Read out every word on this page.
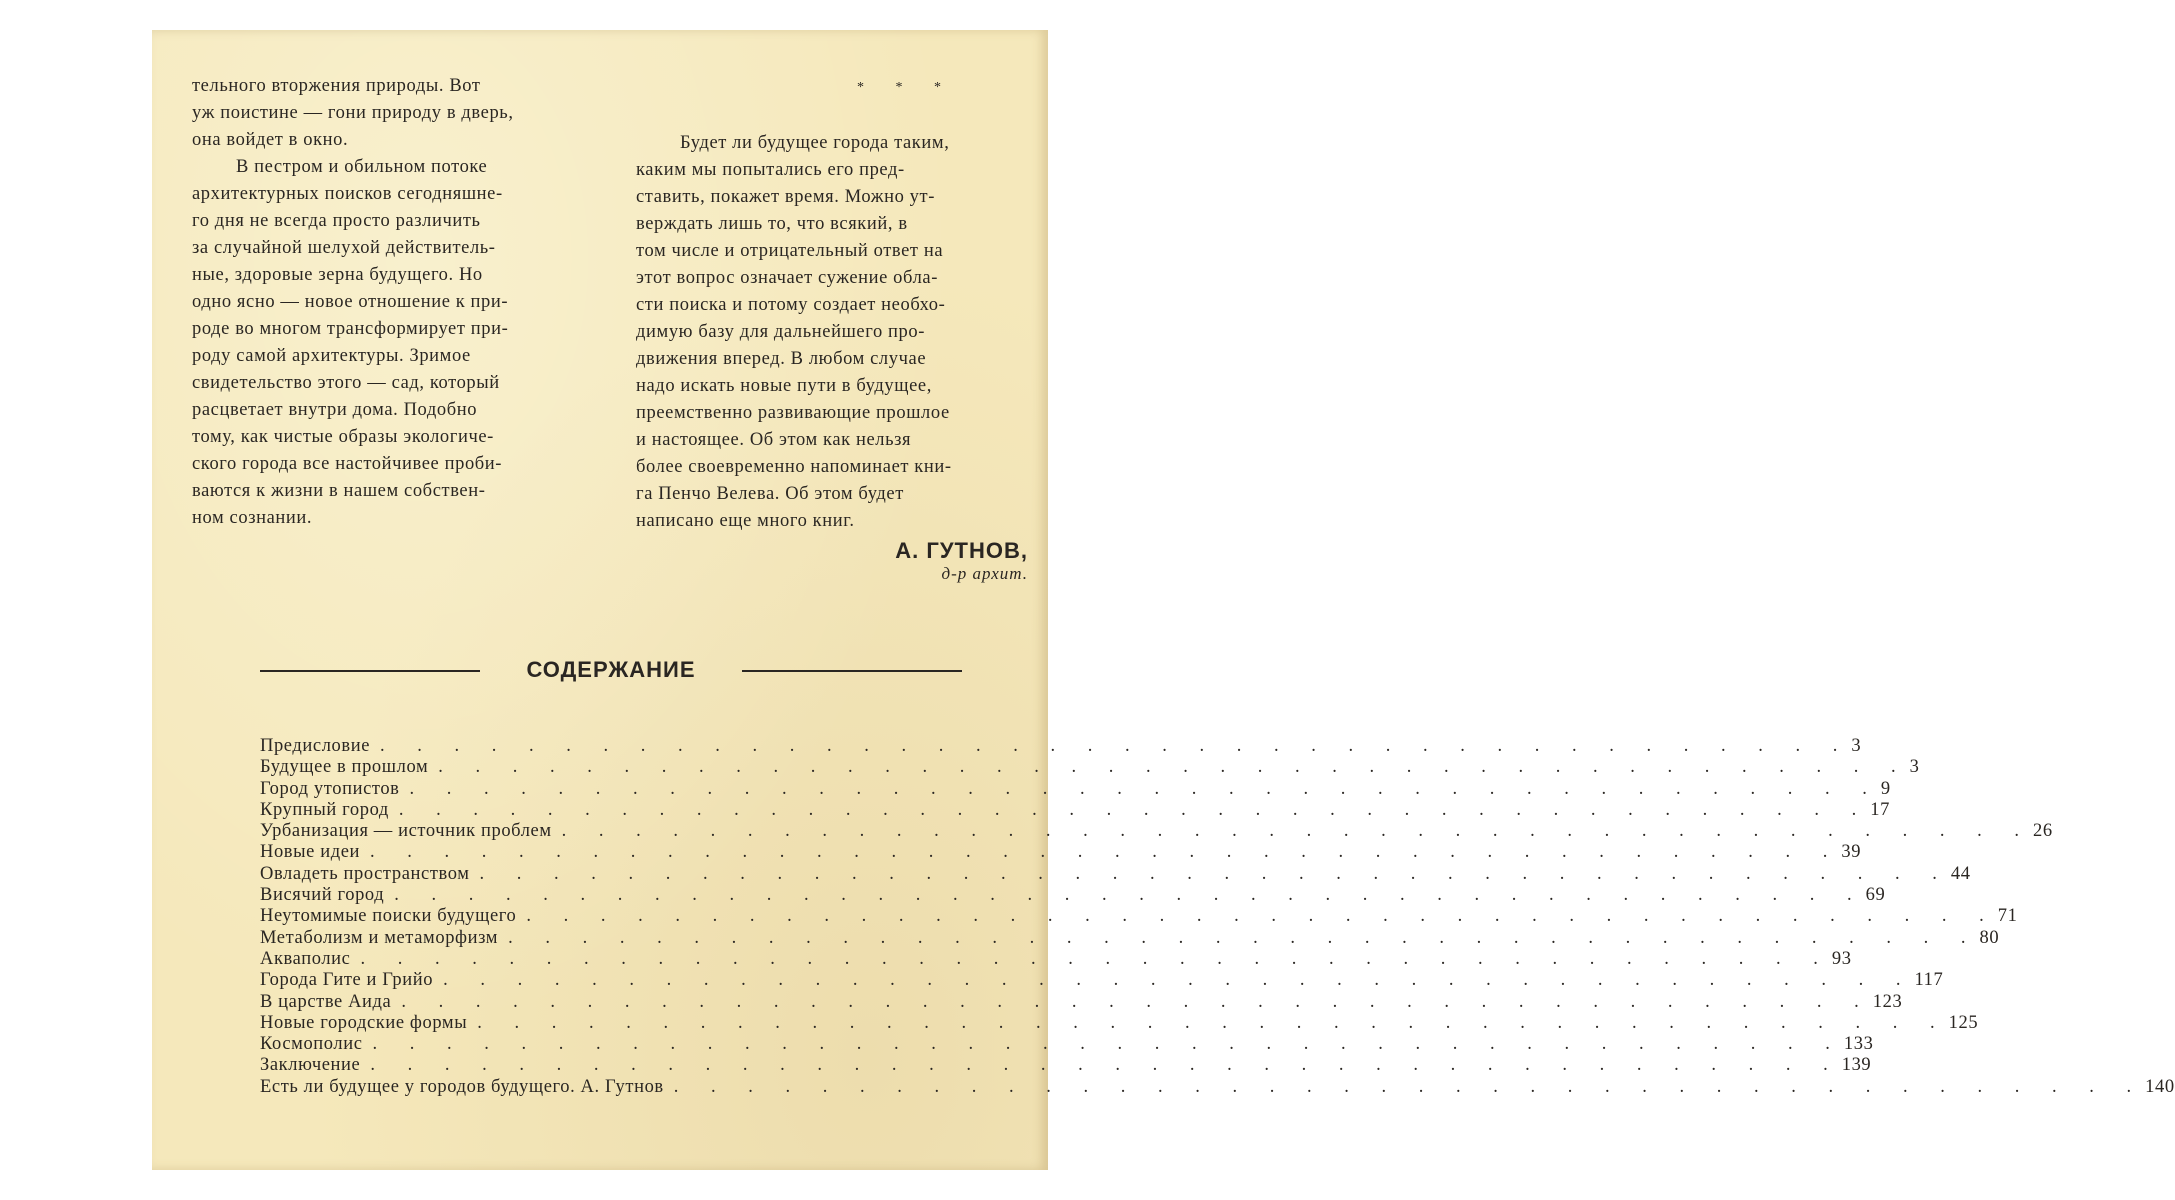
тельного вторжения природы. Вот
уж поистине — гони природу в дверь,
она войдет в окно.
В пестром и обильном потоке
архитектурных поисков сегодняшне-
го дня не всегда просто различить
за случайной шелухой действитель-
ные, здоровые зерна будущего. Но
одно ясно — новое отношение к при-
роде во многом трансформирует при-
роду самой архитектуры. Зримое
свидетельство этого — сад, который
расцветает внутри дома. Подобно
тому, как чистые образы экологиче-
ского города все настойчивее проби-
ваются к жизни в нашем собствен-
ном сознании.
* * *
Будет ли будущее города таким,
каким мы попытались его пред-
ставить, покажет время. Можно ут-
верждать лишь то, что всякий, в
том числе и отрицательный ответ на
этот вопрос означает сужение обла-
сти поиска и потому создает необхо-
димую базу для дальнейшего про-
движения вперед. В любом случае
надо искать новые пути в будущее,
преемственно развивающие прошлое
и настоящее. Об этом как нельзя
более своевременно напоминает кни-
га Пенчо Велева. Об этом будет
написано еще много книг.
А. ГУТНОВ,
д-р архит.
СОДЕРЖАНИЕ
Предисловие . . . . . . . . . . . . . . . . . . . . . . . . . . . . . . . . . . . . . . . . 3
Будущее в прошлом . . . . . . . . . . . . . . . . . . . . . . . . . . . . . . . . . . . . . . . . 3
Город утопистов . . . . . . . . . . . . . . . . . . . . . . . . . . . . . . . . . . . . . . . . 9
Крупный город . . . . . . . . . . . . . . . . . . . . . . . . . . . . . . . . . . . . . . . . 17
Урбанизация — источник проблем . . . . . . . . . . . . . . . . . . . . . . . . . . . . . . . . . . . . . . . . 26
Новые идеи . . . . . . . . . . . . . . . . . . . . . . . . . . . . . . . . . . . . . . . . 39
Овладеть пространством . . . . . . . . . . . . . . . . . . . . . . . . . . . . . . . . . . . . . . . . 44
Висячий город . . . . . . . . . . . . . . . . . . . . . . . . . . . . . . . . . . . . . . . . 69
Неутомимые поиски будущего . . . . . . . . . . . . . . . . . . . . . . . . . . . . . . . . . . . . . . . . 71
Метаболизм и метаморфизм . . . . . . . . . . . . . . . . . . . . . . . . . . . . . . . . . . . . . . . . 80
Акваполис . . . . . . . . . . . . . . . . . . . . . . . . . . . . . . . . . . . . . . . . 93
Города Гите и Грийо . . . . . . . . . . . . . . . . . . . . . . . . . . . . . . . . . . . . . . . . 117
В царстве Аида . . . . . . . . . . . . . . . . . . . . . . . . . . . . . . . . . . . . . . . . 123
Новые городские формы . . . . . . . . . . . . . . . . . . . . . . . . . . . . . . . . . . . . . . . . 125
Космополис . . . . . . . . . . . . . . . . . . . . . . . . . . . . . . . . . . . . . . . . 133
Заключение . . . . . . . . . . . . . . . . . . . . . . . . . . . . . . . . . . . . . . . . 139
Есть ли будущее у городов будущего. А. Гутнов . . . . . . . . . . . . . . . . . . . . . . . . . . . . . . . . . . . . . . . . 140
